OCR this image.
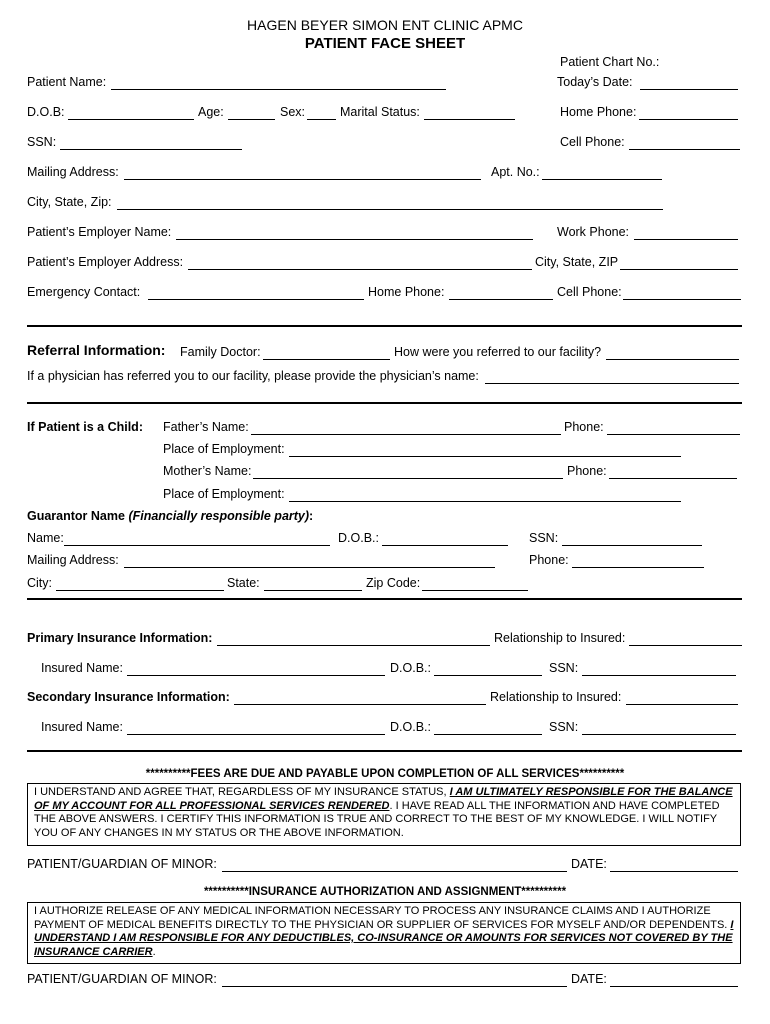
HAGEN BEYER SIMON ENT CLINIC APMC
PATIENT FACE SHEET
Patient Chart No.:
Patient Name:	Today’s Date:
D.O.B:	Age:	Sex:	Marital Status:	Home Phone:
SSN:	Cell Phone:
Mailing Address:	Apt. No.:
City, State, Zip:
Patient’s Employer Name:	Work Phone:
Patient’s Employer Address:	City, State, ZIP
Emergency Contact:	Home Phone:	Cell Phone:
Referral Information: Family Doctor:	How were you referred to our facility?
If a physician has referred you to our facility, please provide the physician’s name:
If Patient is a Child: Father’s Name:	Phone:
Place of Employment:
Mother’s Name:	Phone:
Place of Employment:
Guarantor Name (Financially responsible party):
Name:	D.O.B.:	SSN:
Mailing Address:	Phone:
City:	State:	Zip Code:
Primary Insurance Information:	Relationship to Insured:
Insured Name:	D.O.B.:	SSN:
Secondary Insurance Information:	Relationship to Insured:
Insured Name:	D.O.B.:	SSN:
**********FEES ARE DUE AND PAYABLE UPON COMPLETION OF ALL SERVICES**********
I UNDERSTAND AND AGREE THAT, REGARDLESS OF MY INSURANCE STATUS, I AM ULTIMATELY RESPONSIBLE FOR THE BALANCE OF MY ACCOUNT FOR ALL PROFESSIONAL SERVICES RENDERED. I HAVE READ ALL THE INFORMATION AND HAVE COMPLETED THE ABOVE ANSWERS. I CERTIFY THIS INFORMATION IS TRUE AND CORRECT TO THE BEST OF MY KNOWLEDGE. I WILL NOTIFY YOU OF ANY CHANGES IN MY STATUS OR THE ABOVE INFORMATION.
PATIENT/GUARDIAN OF MINOR:	DATE:
**********INSURANCE AUTHORIZATION AND ASSIGNMENT**********
I AUTHORIZE RELEASE OF ANY MEDICAL INFORMATION NECESSARY TO PROCESS ANY INSURANCE CLAIMS AND I AUTHORIZE PAYMENT OF MEDICAL BENEFITS DIRECTLY TO THE PHYSICIAN OR SUPPLIER OF SERVICES FOR MYSELF AND/OR DEPENDENTS. I UNDERSTAND I AM RESPONSIBLE FOR ANY DEDUCTIBLES, CO-INSURANCE OR AMOUNTS FOR SERVICES NOT COVERED BY THE INSURANCE CARRIER.
PATIENT/GUARDIAN OF MINOR:	DATE:
